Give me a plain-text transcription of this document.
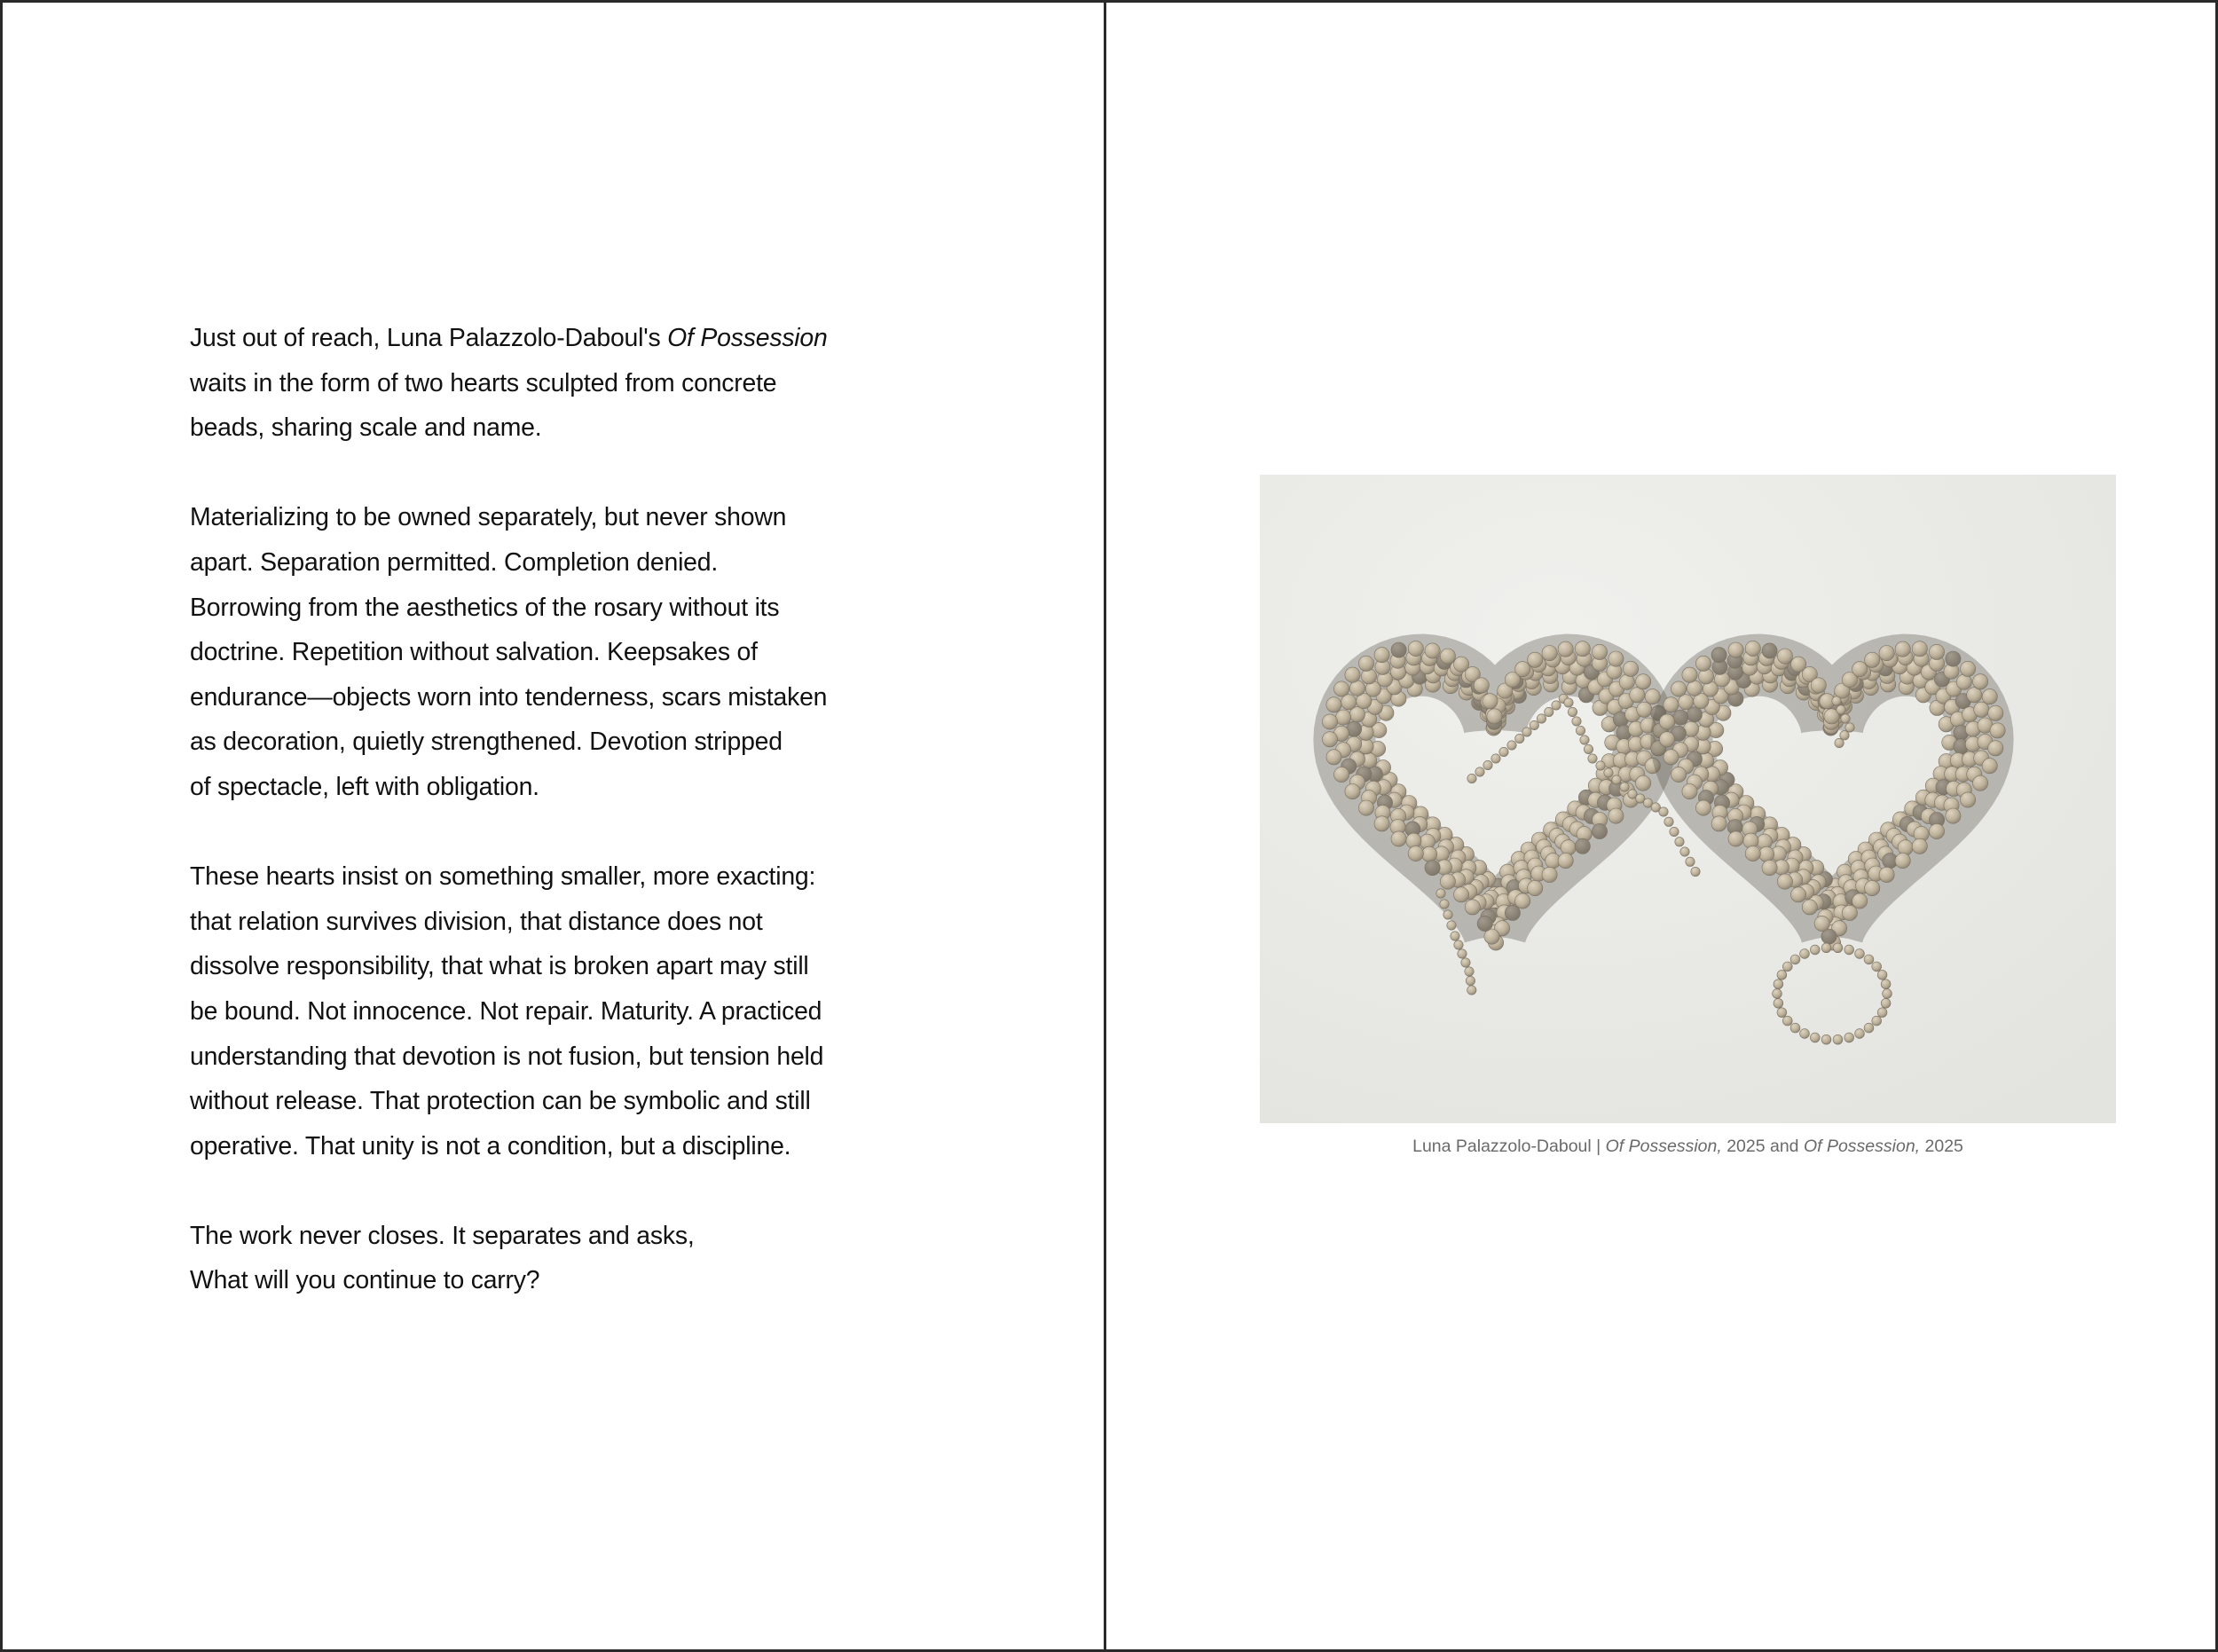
Just out of reach, Luna Palazzolo-Daboul's Of Possession
waits in the form of two hearts sculpted from concrete
beads, sharing scale and name.
Materializing to be owned separately, but never shown
apart. Separation permitted. Completion denied.
Borrowing from the aesthetics of the rosary without its
doctrine. Repetition without salvation. Keepsakes of
endurance—objects worn into tenderness, scars mistaken
as decoration, quietly strengthened. Devotion stripped
of spectacle, left with obligation.
These hearts insist on something smaller, more exacting:
that relation survives division, that distance does not
dissolve responsibility, that what is broken apart may still
be bound. Not innocence. Not repair. Maturity. A practiced
understanding that devotion is not fusion, but tension held
without release. That protection can be symbolic and still
operative. That unity is not a condition, but a discipline.
The work never closes. It separates and asks,
What will you continue to carry?
Luna Palazzolo-Daboul | Of Possession, 2025 and Of Possession, 2025
